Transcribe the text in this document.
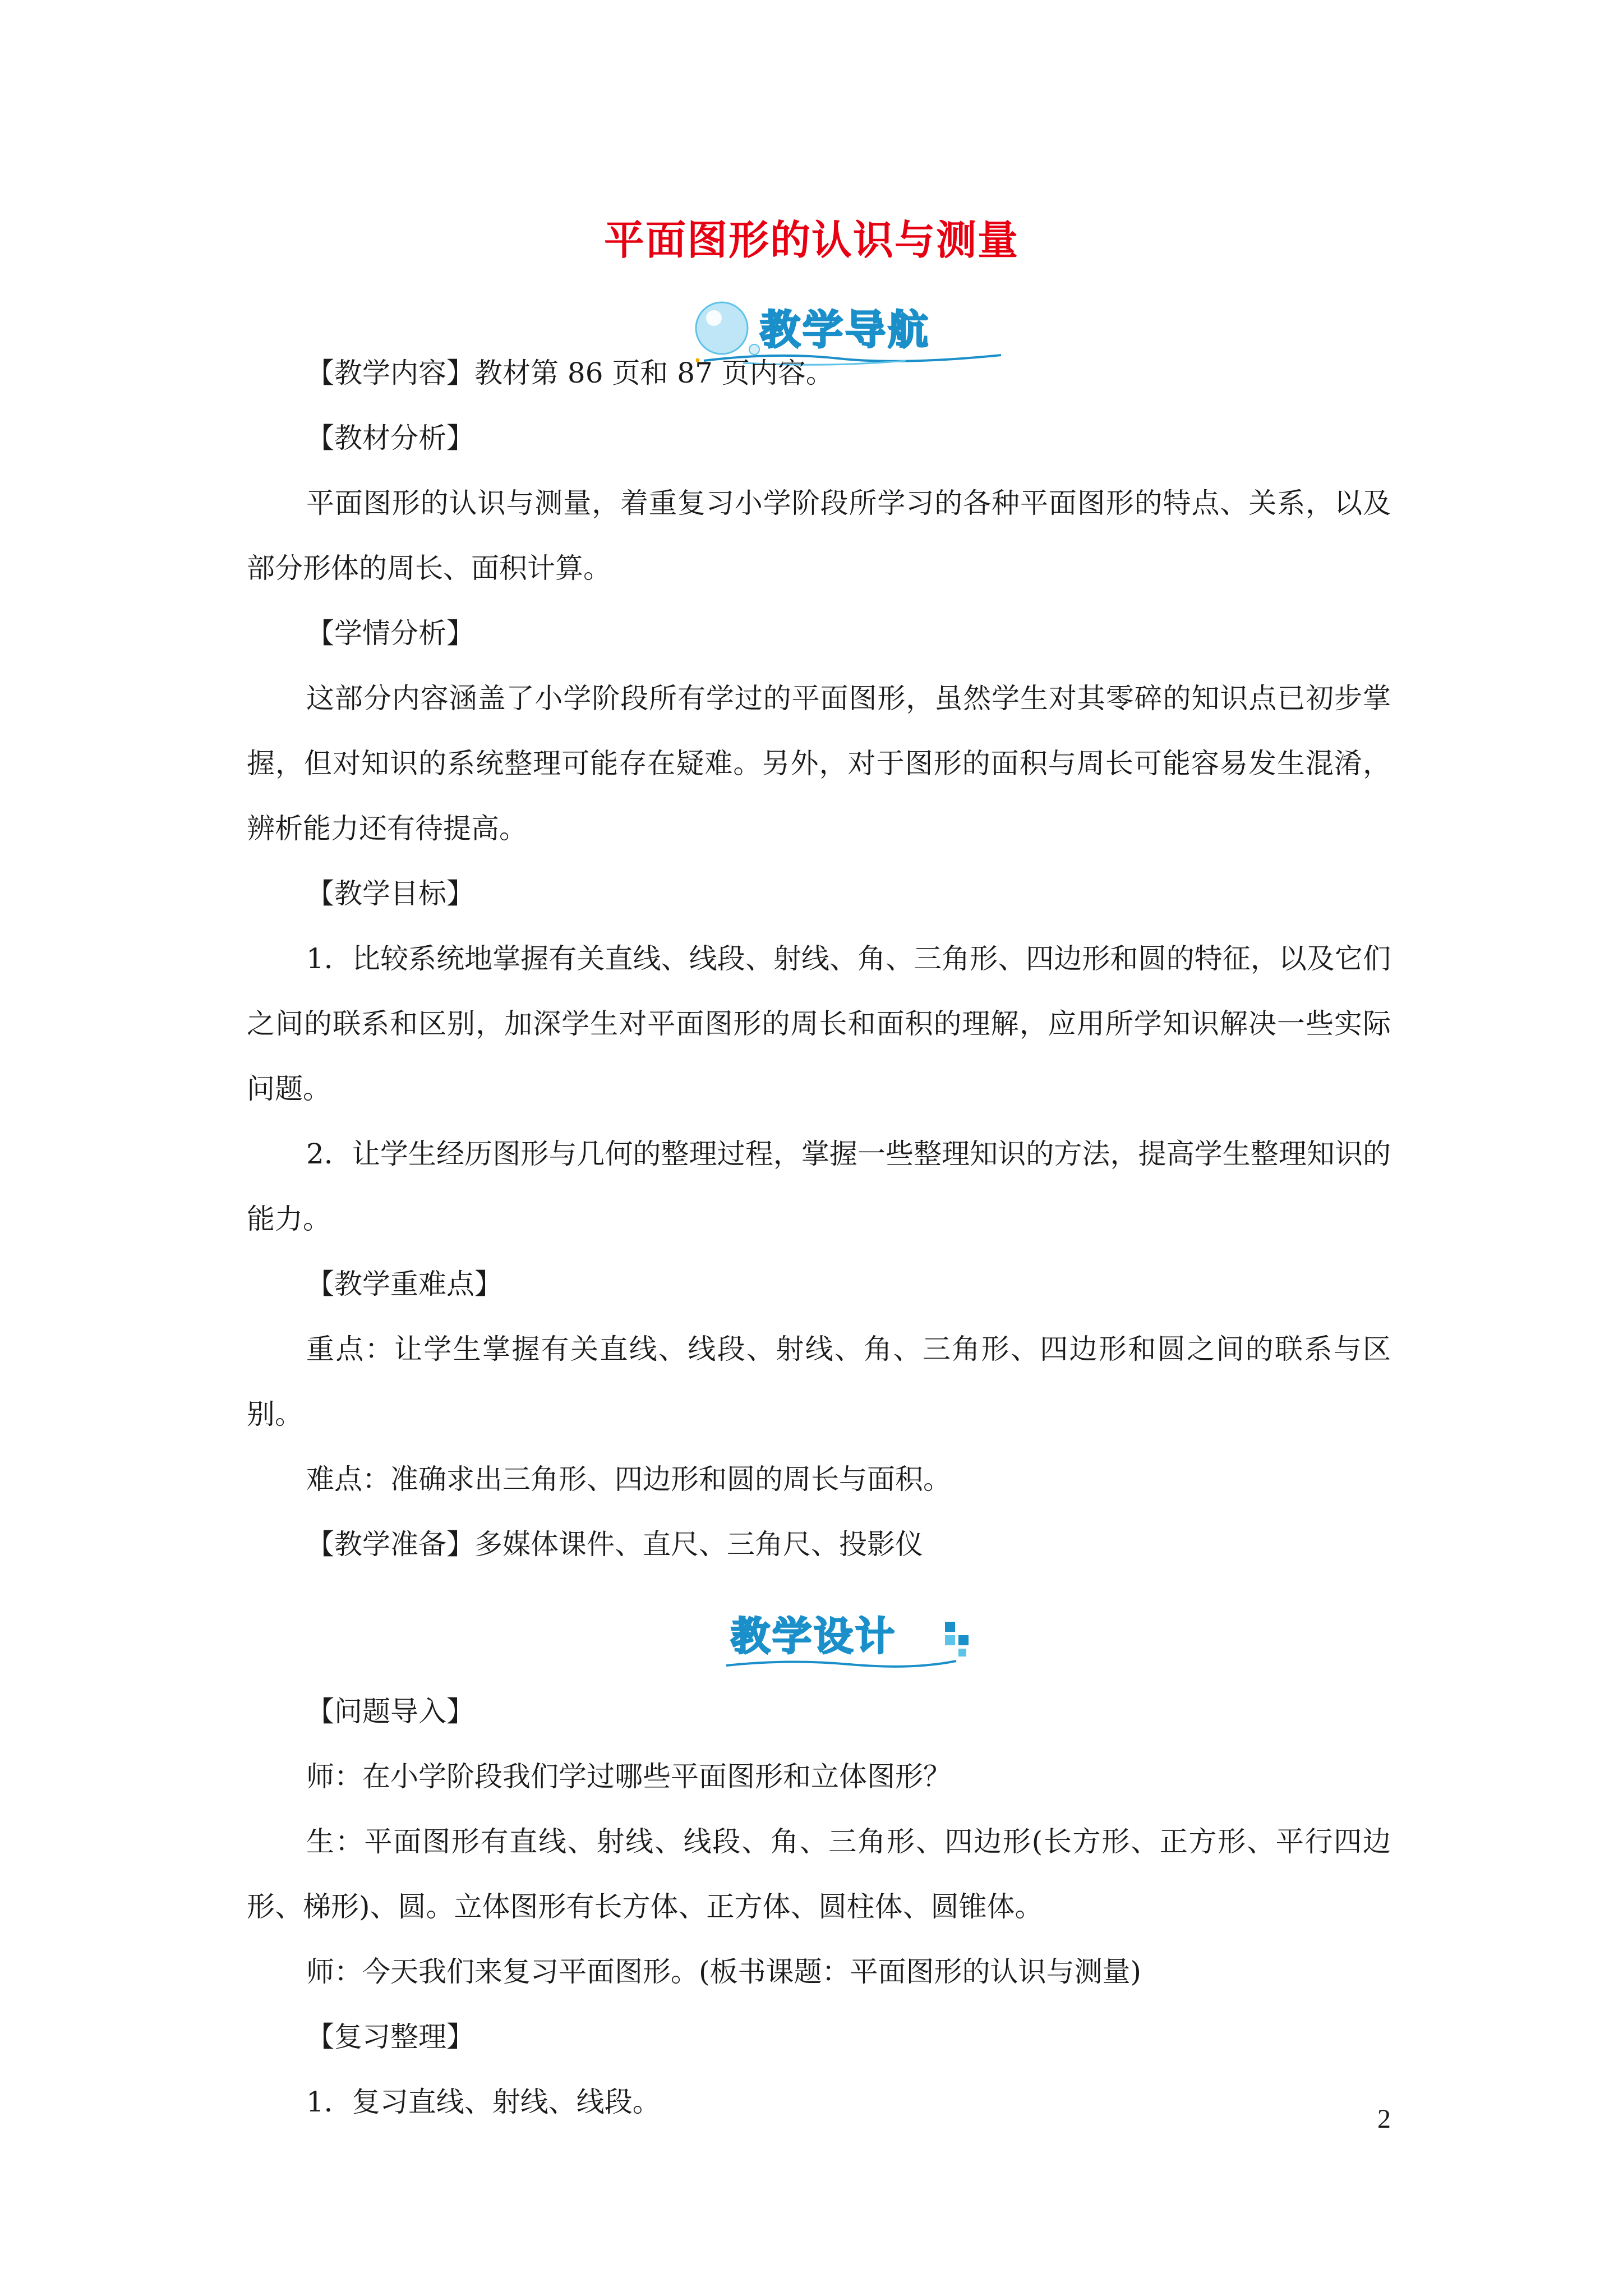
平面图形的认识与测量
教学导航
教学设计

【教学内容】教材第 86 页和 87 页内容。

【教材分析】

平面图形的认识与测量，着重复习小学阶段所学习的各种平面图形的特点、关系，以及部分形体的周长、面积计算。

【学情分析】

这部分内容涵盖了小学阶段所有学过的平面图形，虽然学生对其零碎的知识点已初步掌握，但对知识的系统整理可能存在疑难。另外，对于图形的面积与周长可能容易发生混淆，辨析能力还有待提高。

【教学目标】

1．比较系统地掌握有关直线、线段、射线、角、三角形、四边形和圆的特征，以及它们之间的联系和区别，加深学生对平面图形的周长和面积的理解，应用所学知识解决一些实际问题。

2．让学生经历图形与几何的整理过程，掌握一些整理知识的方法，提高学生整理知识的能力。

【教学重难点】

重点：让学生掌握有关直线、线段、射线、角、三角形、四边形和圆之间的联系与区别。

难点：准确求出三角形、四边形和圆的周长与面积。

【教学准备】多媒体课件、直尺、三角尺、投影仪

【问题导入】

师：在小学阶段我们学过哪些平面图形和立体图形？

生：平面图形有直线、射线、线段、角、三角形、四边形(长方形、正方形、平行四边形、梯形)、圆。立体图形有长方体、正方体、圆柱体、圆锥体。

师：今天我们来复习平面图形。(板书课题：平面图形的认识与测量)

【复习整理】

1．复习直线、射线、线段。

2
